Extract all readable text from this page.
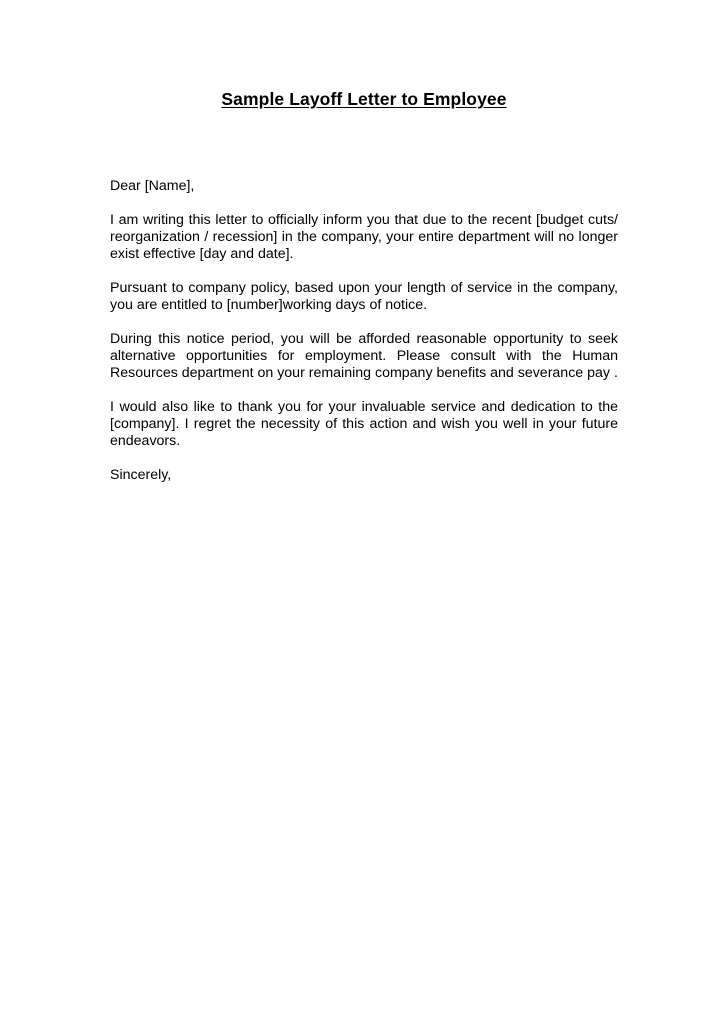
Sample Layoff Letter to Employee

Dear [Name],

I am writing this letter to officially inform you that due to the recent [budget cuts/ reorganization / recession] in the company, your entire department will no longer exist effective [day and date].

Pursuant to company policy, based upon your length of service in the company, you are entitled to [number]working days of notice.

During this notice period, you will be afforded reasonable opportunity to seek alternative opportunities for employment. Please consult with the Human Resources department on your remaining company benefits and severance pay .

I would also like to thank you for your invaluable service and dedication to the [company]. I regret the necessity of this action and wish you well in your future endeavors.

Sincerely,
